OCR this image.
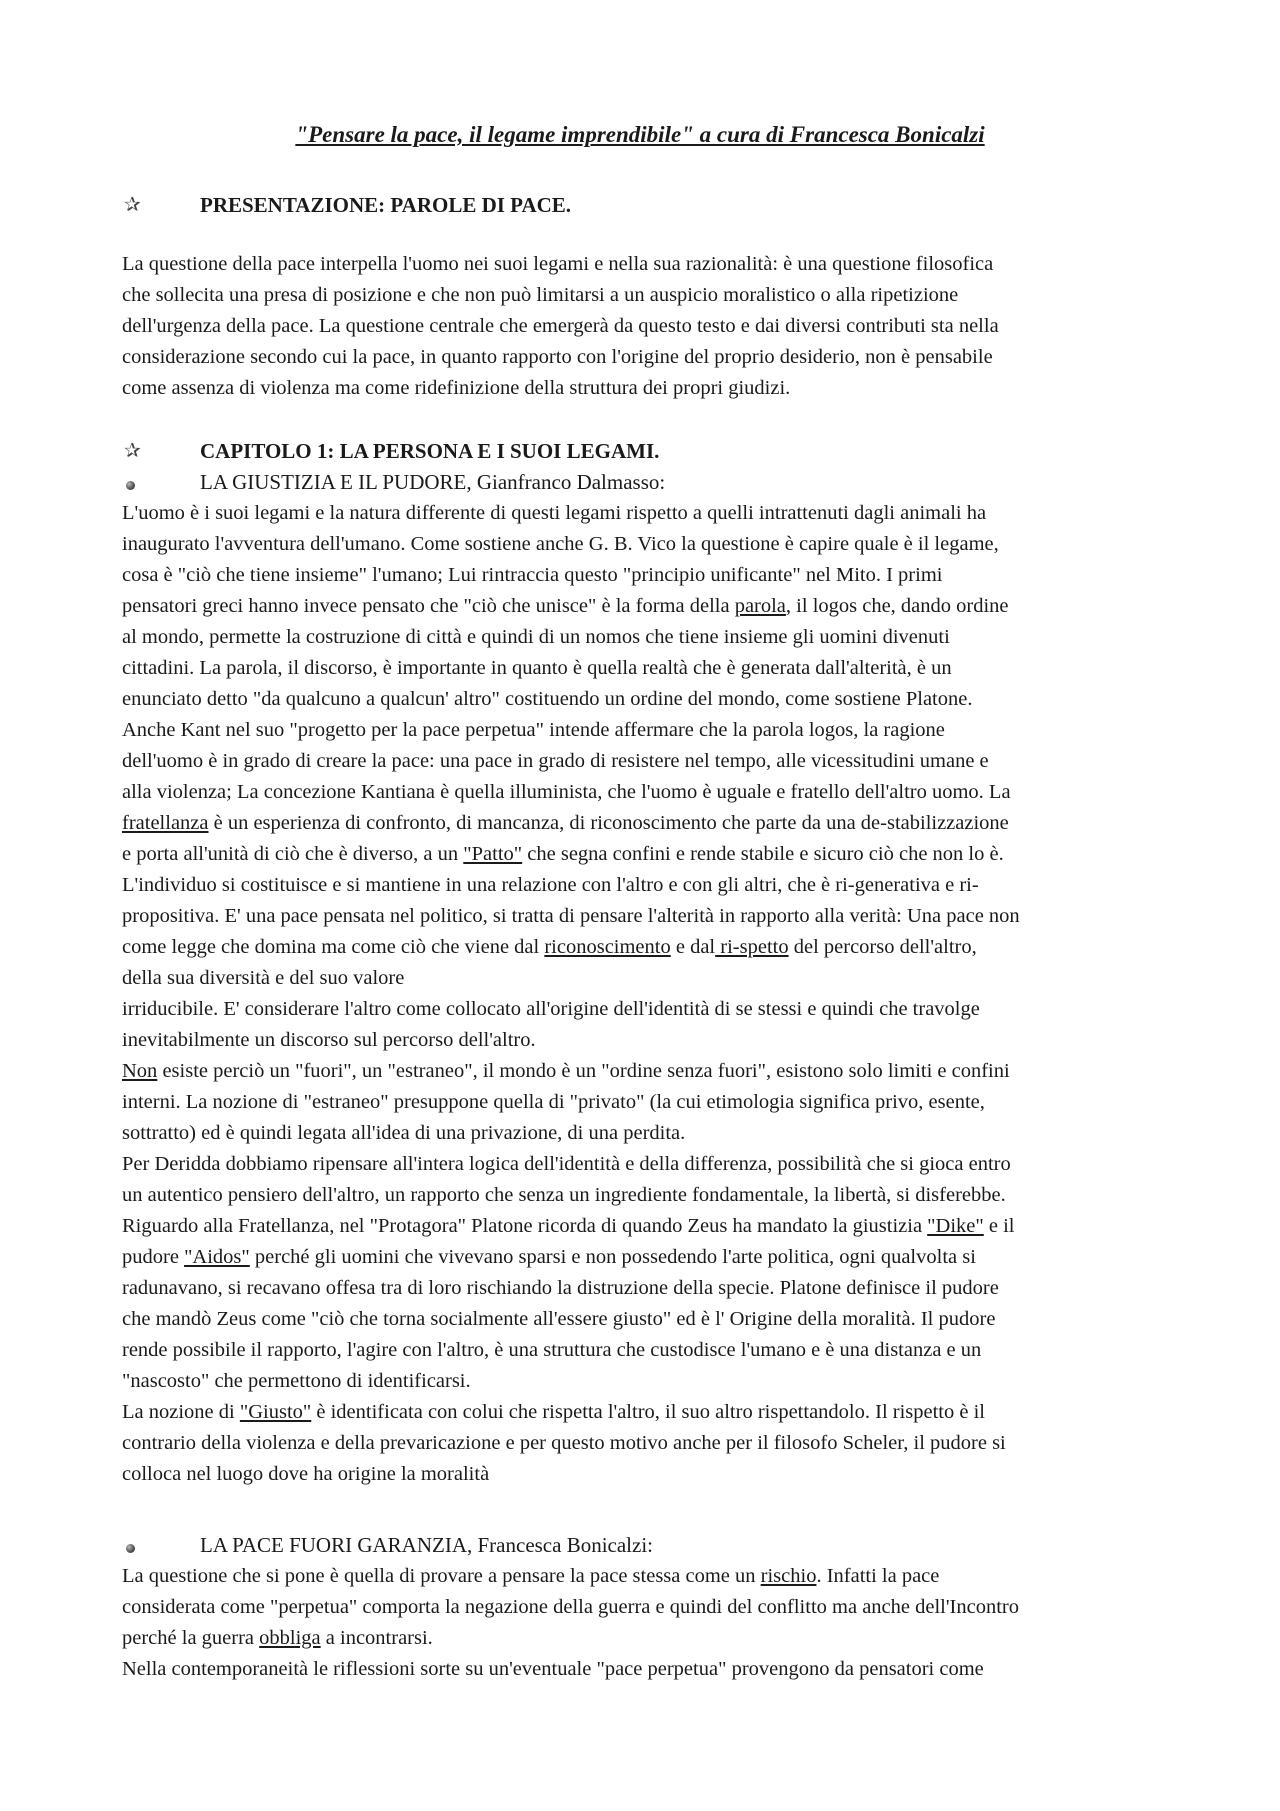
"Pensare la pace, il legame imprendibile" a cura di Francesca Bonicalzi
✰	PRESENTAZIONE: PAROLE DI PACE.
La questione della pace interpella l'uomo nei suoi legami e nella sua razionalità: è una questione filosofica
che sollecita una presa di posizione e che non può limitarsi a un auspicio moralistico o alla ripetizione
dell'urgenza della pace. La questione centrale che emergerà da questo testo e dai diversi contributi sta nella
considerazione secondo cui la pace, in quanto rapporto con l'origine del proprio desiderio, non è pensabile
come assenza di violenza ma come ridefinizione della struttura dei propri giudizi.
✰	CAPITOLO 1: LA PERSONA E I SUOI LEGAMI.
LA GIUSTIZIA E IL PUDORE, Gianfranco Dalmasso:
L'uomo è i suoi legami e la natura differente di questi legami rispetto a quelli intrattenuti dagli animali ha
inaugurato l'avventura dell'umano. Come sostiene anche G. B. Vico la questione è capire quale è il legame,
cosa è "ciò che tiene insieme" l'umano; Lui rintraccia questo "principio unificante" nel Mito. I primi
pensatori greci hanno invece pensato che "ciò che unisce" è la forma della parola, il logos che, dando ordine
al mondo, permette la costruzione di città e quindi di un nomos che tiene insieme gli uomini divenuti
cittadini. La parola, il discorso, è importante in quanto è quella realtà che è generata dall'alterità, è un
enunciato detto "da qualcuno a qualcun' altro" costituendo un ordine del mondo, come sostiene Platone.
Anche Kant nel suo "progetto per la pace perpetua" intende affermare che la parola logos, la ragione
dell'uomo è in grado di creare la pace: una pace in grado di resistere nel tempo, alle vicessitudini umane e
alla violenza; La concezione Kantiana è quella illuminista, che l'uomo è uguale e fratello dell'altro uomo. La
fratellanza è un esperienza di confronto, di mancanza, di riconoscimento che parte da una de-stabilizzazione
e porta all'unità di ciò che è diverso, a un "Patto" che segna confini e rende stabile e sicuro ciò che non lo è.
L'individuo si costituisce e si mantiene in una relazione con l'altro e con gli altri, che è ri-generativa e ri-
propositiva. E' una pace pensata nel politico, si tratta di pensare l'alterità in rapporto alla verità: Una pace non
come legge che domina ma come ciò che viene dal riconoscimento e dal ri-spetto del percorso dell'altro,
della sua diversità e del suo valore
irriducibile. E' considerare l'altro come collocato all'origine dell'identità di se stessi e quindi che travolge
inevitabilmente un discorso sul percorso dell'altro.
Non esiste perciò un "fuori", un "estraneo", il mondo è un "ordine senza fuori", esistono solo limiti e confini
interni. La nozione di "estraneo" presuppone quella di "privato" (la cui etimologia significa privo, esente,
sottratto) ed è quindi legata all'idea di una privazione, di una perdita.
Per Deridda dobbiamo ripensare all'intera logica dell'identità e della differenza, possibilità che si gioca entro
un autentico pensiero dell'altro, un rapporto che senza un ingrediente fondamentale, la libertà, si disferebbe.
Riguardo alla Fratellanza, nel "Protagora" Platone ricorda di quando Zeus ha mandato la giustizia "Dike" e il
pudore "Aidos" perché gli uomini che vivevano sparsi e non possedendo l'arte politica, ogni qualvolta si
radunavano, si recavano offesa tra di loro rischiando la distruzione della specie. Platone definisce il pudore
che mandò Zeus come "ciò che torna socialmente all'essere giusto" ed è l' Origine della moralità. Il pudore
rende possibile il rapporto, l'agire con l'altro, è una struttura che custodisce l'umano e è una distanza e un
"nascosto" che permettono di identificarsi.
La nozione di "Giusto" è identificata con colui che rispetta l'altro, il suo altro rispettandolo. Il rispetto è il
contrario della violenza e della prevaricazione e per questo motivo anche per il filosofo Scheler, il pudore si
colloca nel luogo dove ha origine la moralità
LA PACE FUORI GARANZIA, Francesca Bonicalzi:
La questione che si pone è quella di provare a pensare la pace stessa come un rischio. Infatti la pace
considerata come "perpetua" comporta la negazione della guerra e quindi del conflitto ma anche dell'Incontro
perché la guerra obbliga a incontrarsi.
Nella contemporaneità le riflessioni sorte su un'eventuale "pace perpetua" provengono da pensatori come
